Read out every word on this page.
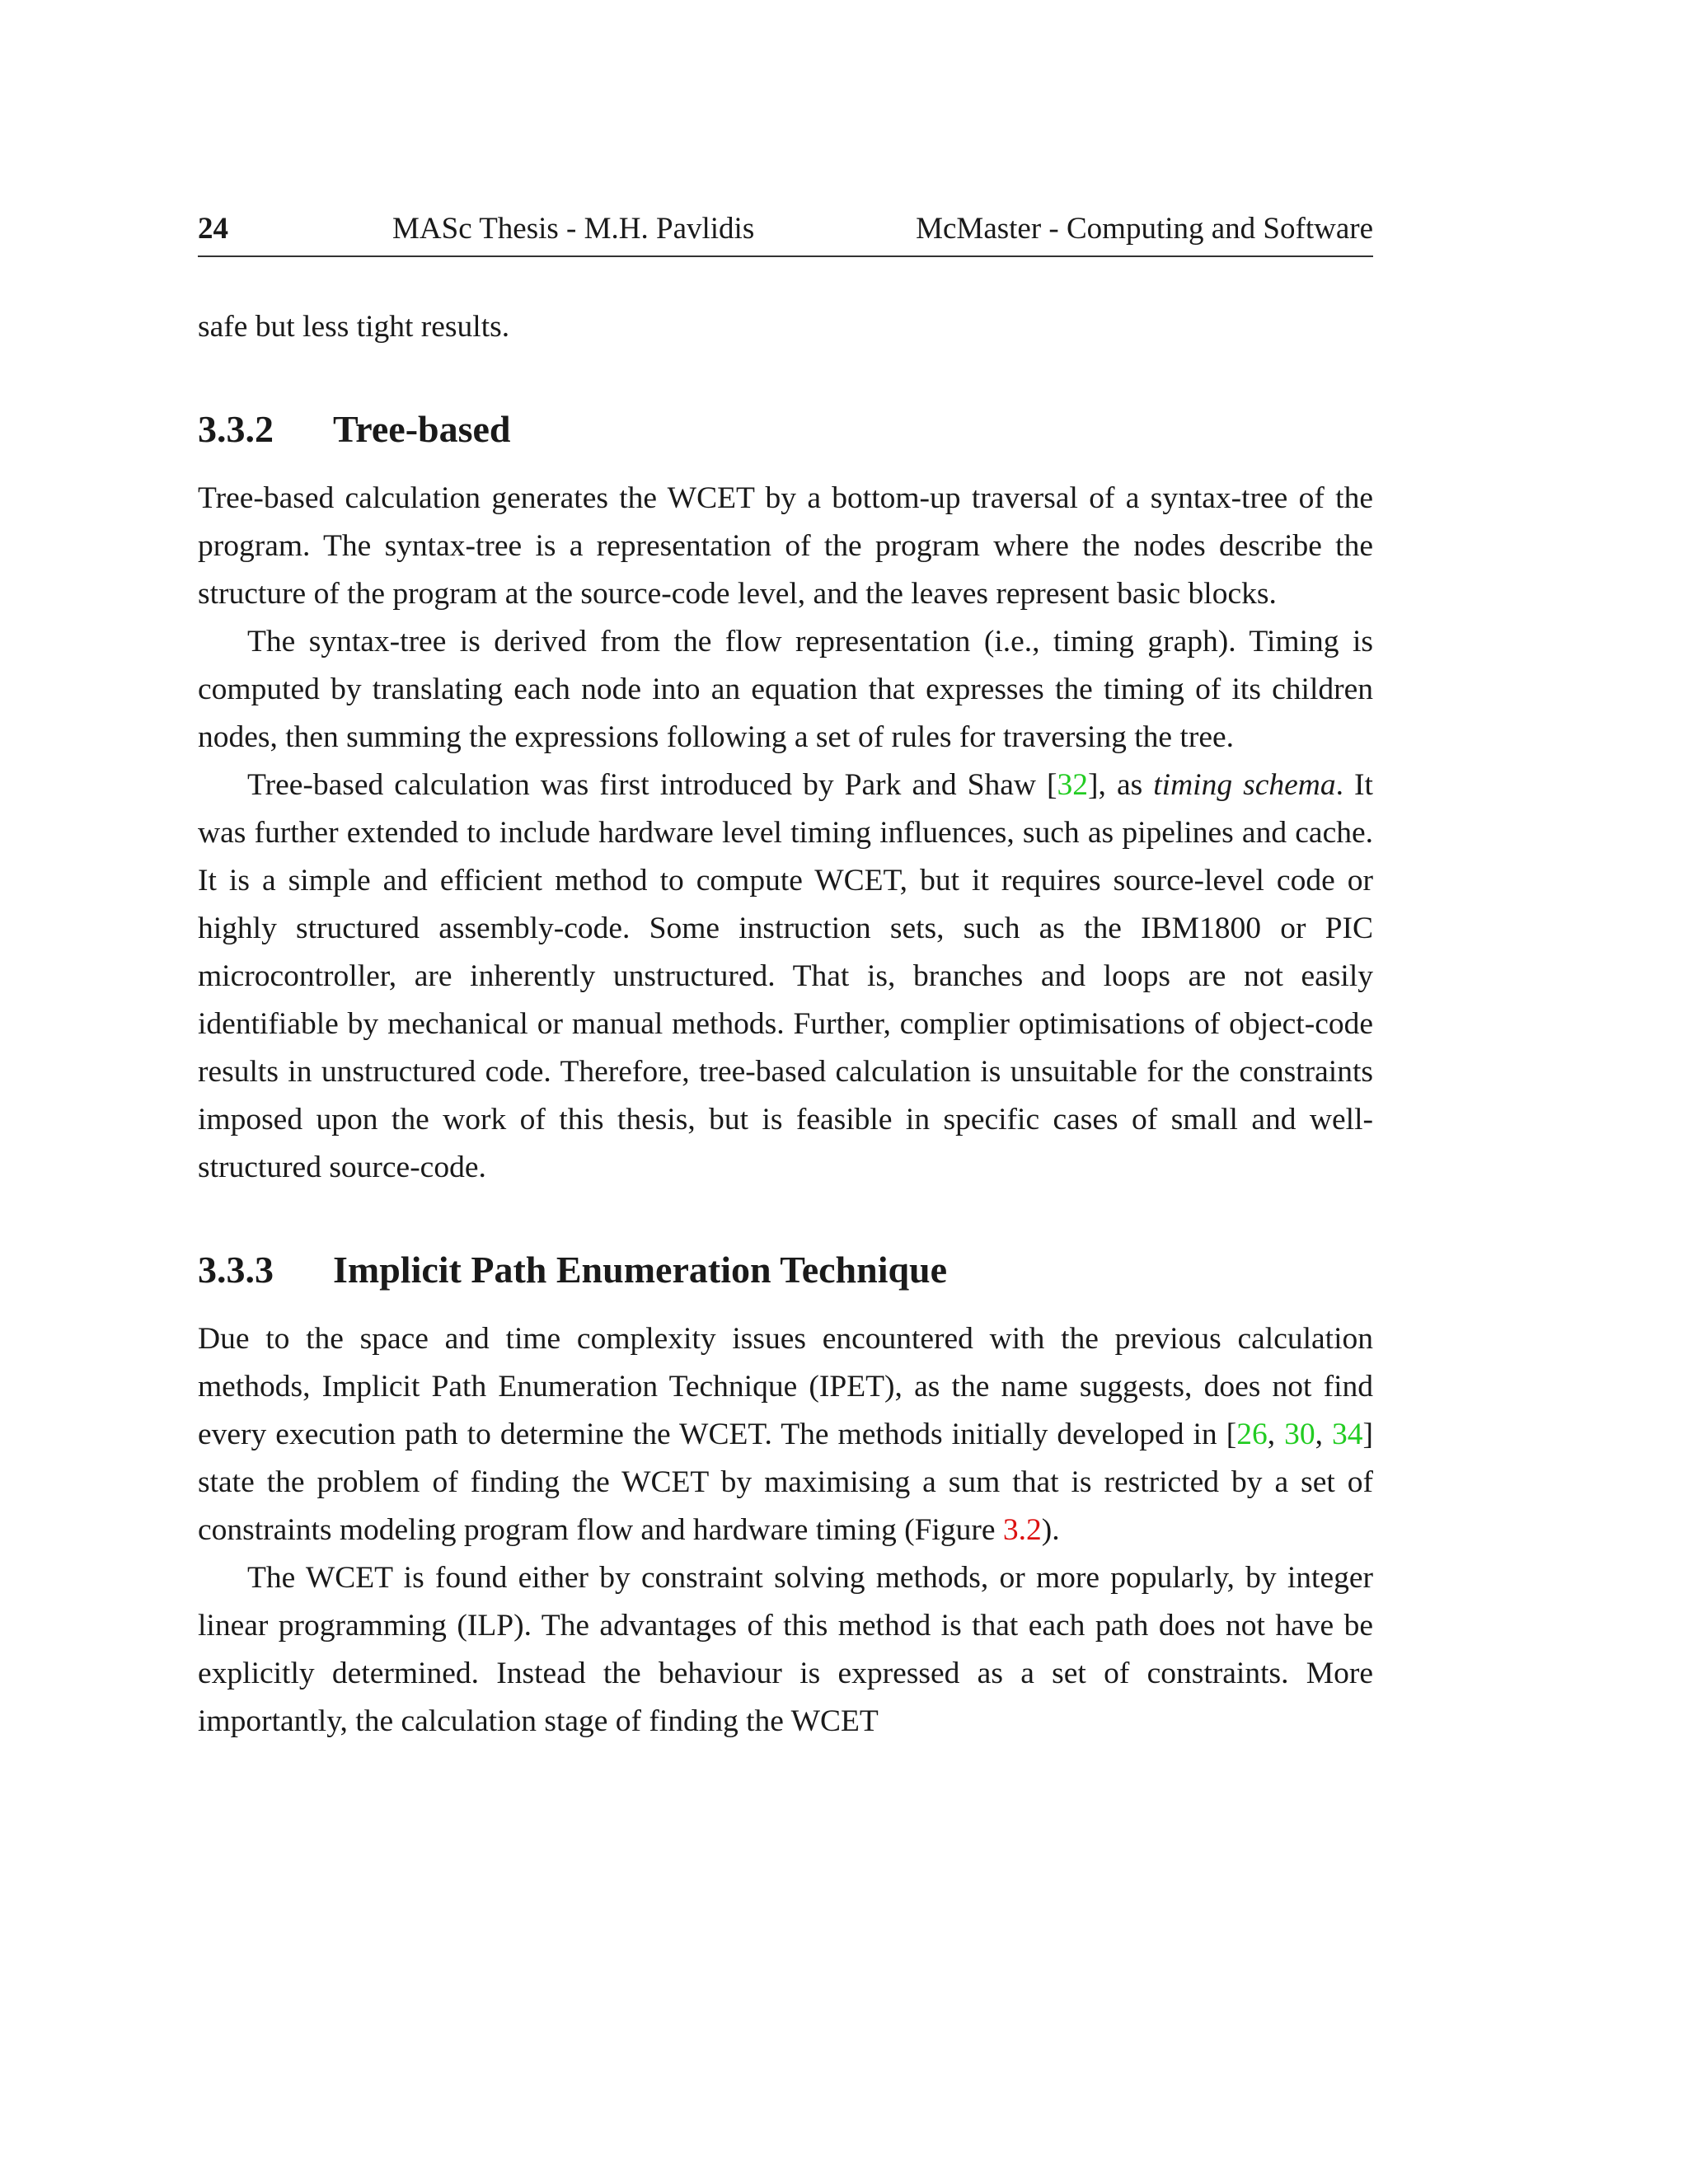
24	MASc Thesis - M.H. Pavlidis	McMaster - Computing and Software

safe but less tight results.

3.3.2 Tree-based

Tree-based calculation generates the WCET by a bottom-up traversal of a syntax-tree of the program. The syntax-tree is a representation of the program where the nodes describe the structure of the program at the source-code level, and the leaves represent basic blocks.

The syntax-tree is derived from the flow representation (i.e., timing graph). Timing is computed by translating each node into an equation that expresses the timing of its children nodes, then summing the expressions following a set of rules for traversing the tree.

Tree-based calculation was first introduced by Park and Shaw [32], as timing schema. It was further extended to include hardware level timing influences, such as pipelines and cache. It is a simple and efficient method to compute WCET, but it requires source-level code or highly structured assembly-code. Some instruction sets, such as the IBM1800 or PIC microcontroller, are inherently unstructured. That is, branches and loops are not easily identifiable by mechanical or manual methods. Further, complier optimisations of object-code results in unstructured code. Therefore, tree-based calculation is unsuitable for the constraints imposed upon the work of this thesis, but is feasible in specific cases of small and well-structured source-code.

3.3.3 Implicit Path Enumeration Technique

Due to the space and time complexity issues encountered with the previous calculation methods, Implicit Path Enumeration Technique (IPET), as the name suggests, does not find every execution path to determine the WCET. The methods initially developed in [26, 30, 34] state the problem of finding the WCET by maximising a sum that is restricted by a set of constraints modeling program flow and hardware timing (Figure 3.2).

The WCET is found either by constraint solving methods, or more popularly, by integer linear programming (ILP). The advantages of this method is that each path does not have be explicitly determined. Instead the behaviour is expressed as a set of constraints. More importantly, the calculation stage of finding the WCET
